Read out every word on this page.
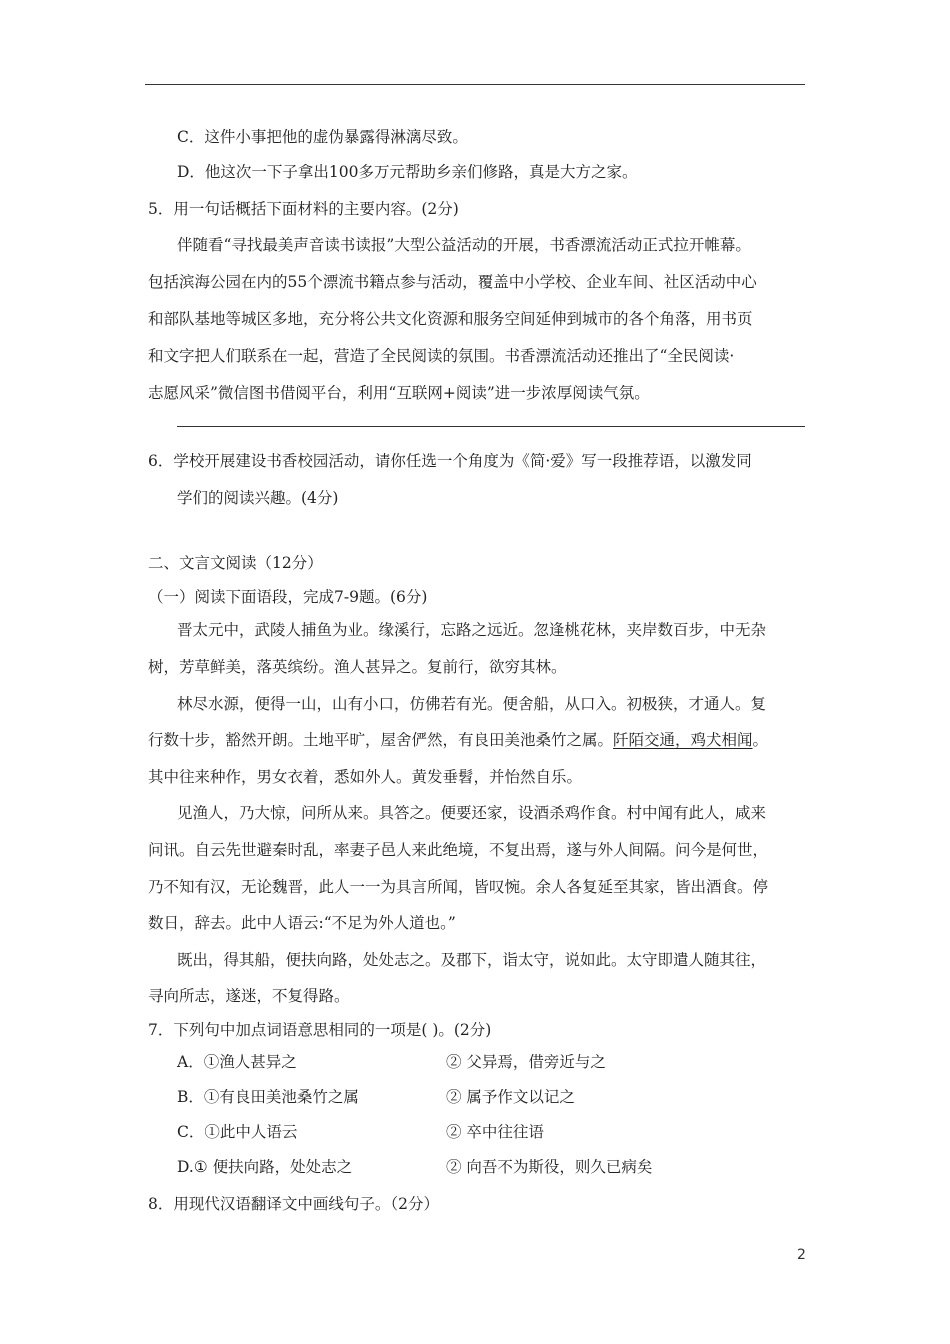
C．这件小事把他的虚伪暴露得淋漓尽致。
D．他这次一下子拿出100多万元帮助乡亲们修路，真是大方之家。
5．用一句话概括下面材料的主要内容。(2分)
伴随看“寻找最美声音读书读报”大型公益活动的开展，书香漂流活动正式拉开帷幕。
包括滨海公园在内的55个漂流书籍点参与活动，覆盖中小学校、企业车间、社区活动中心
和部队基地等城区多地，充分将公共文化资源和服务空间延伸到城市的各个角落，用书页
和文字把人们联系在一起，营造了全民阅读的氛围。书香漂流活动还推出了“全民阅读·
志愿风采”微信图书借阅平台，利用“互联网+阅读”进一步浓厚阅读气氛。
6．学校开展建设书香校园活动，请你任选一个角度为《简·爱》写一段推荐语，以激发同
学们的阅读兴趣。(4分)
二、文言文阅读（12分）
（一）阅读下面语段，完成7-9题。(6分)
晋太元中，武陵人捕鱼为业。缘溪行，忘路之远近。忽逢桃花林，夹岸数百步，中无杂
树，芳草鲜美，落英缤纷。渔人甚异之。复前行，欲穷其林。
林尽水源，便得一山，山有小口，仿佛若有光。便舍船，从口入。初极狭，才通人。复
行数十步，豁然开朗。土地平旷，屋舍俨然，有良田美池桑竹之属。阡陌交通，鸡犬相闻。
其中往来种作，男女衣着，悉如外人。黄发垂髫，并怡然自乐。
见渔人，乃大惊，问所从来。具答之。便要还家，设酒杀鸡作食。村中闻有此人，咸来
问讯。自云先世避秦时乱，率妻子邑人来此绝境，不复出焉，遂与外人间隔。问今是何世，
乃不知有汉，无论魏晋，此人一一为具言所闻，皆叹惋。余人各复延至其家，皆出酒食。停
数日，辞去。此中人语云:“不足为外人道也。”
既出，得其船，便扶向路，处处志之。及郡下，诣太守，说如此。太守即遣人随其往，
寻向所志，遂迷，不复得路。
7．下列句中加点词语意思相同的一项是( )。(2分)
A．①渔人甚异之	② 父异焉，借旁近与之
B．①有良田美池桑竹之属	② 属予作文以记之
C．①此中人语云	② 卒中往往语
D.① 便扶向路，处处志之	② 向吾不为斯役，则久已病矣
8．用现代汉语翻译文中画线句子。（2分）
2
